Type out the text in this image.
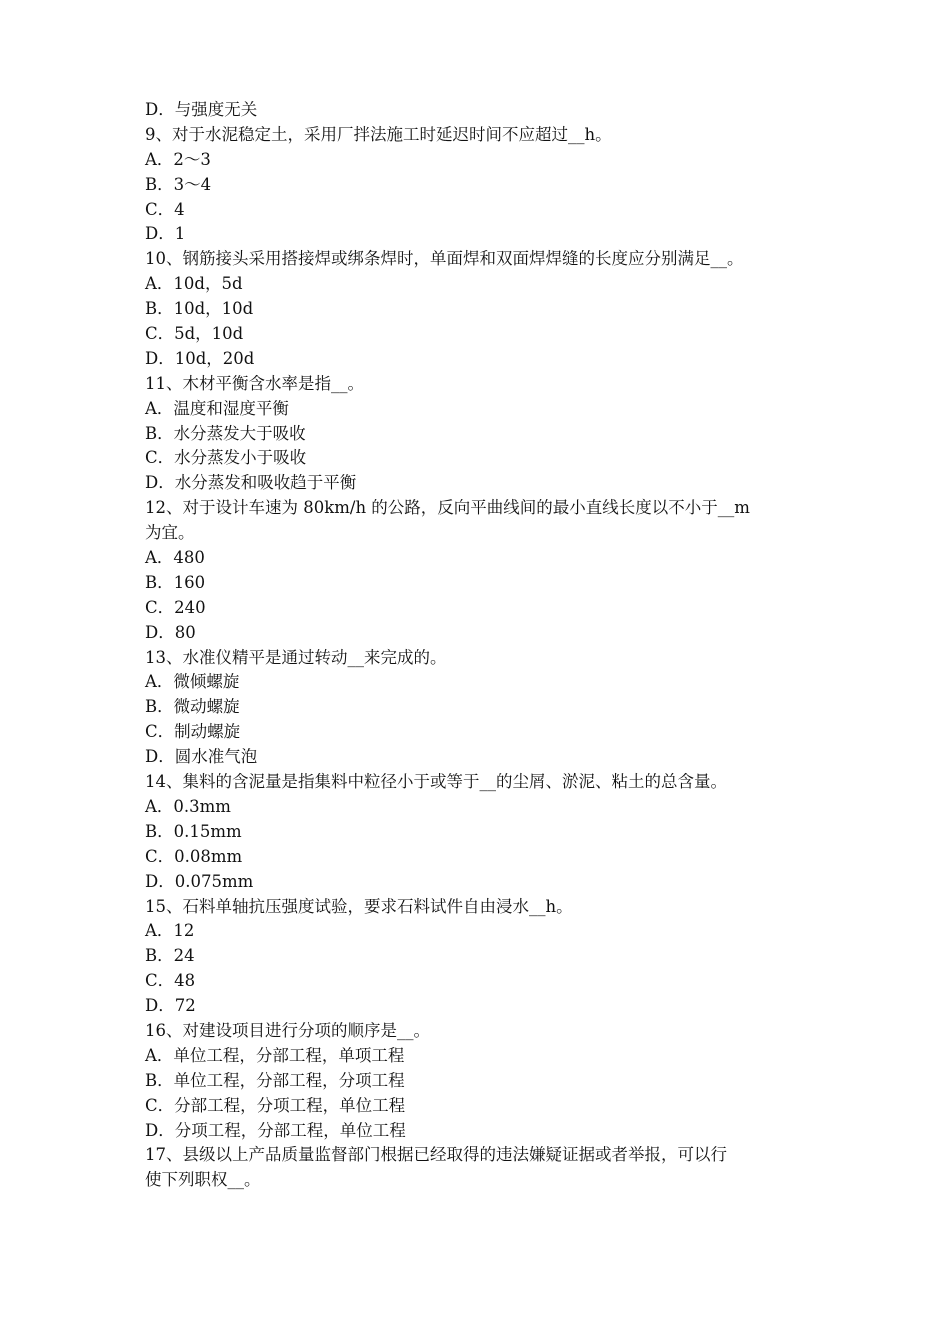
D．与强度无关
9、对于水泥稳定土，采用厂拌法施工时延迟时间不应超过__h。
A．2～3
B．3～4
C．4
D．1
10、钢筋接头采用搭接焊或绑条焊时，单面焊和双面焊焊缝的长度应分别满足__。
A．10d，5d
B．10d，10d
C．5d，10d
D．10d，20d
11、木材平衡含水率是指__。
A．温度和湿度平衡
B．水分蒸发大于吸收
C．水分蒸发小于吸收
D．水分蒸发和吸收趋于平衡
12、对于设计车速为 80km/h 的公路，反向平曲线间的最小直线长度以不小于__m
为宜。
A．480
B．160
C．240
D．80
13、水准仪精平是通过转动__来完成的。
A．微倾螺旋
B．微动螺旋
C．制动螺旋
D．圆水准气泡
14、集料的含泥量是指集料中粒径小于或等于__的尘屑、淤泥、粘土的总含量。
A．0.3mm
B．0.15mm
C．0.08mm
D．0.075mm
15、石料单轴抗压强度试验，要求石料试件自由浸水__h。
A．12
B．24
C．48
D．72
16、对建设项目进行分项的顺序是__。
A．单位工程，分部工程，单项工程
B．单位工程，分部工程，分项工程
C．分部工程，分项工程，单位工程
D．分项工程，分部工程，单位工程
17、县级以上产品质量监督部门根据已经取得的违法嫌疑证据或者举报，可以行
使下列职权__。
